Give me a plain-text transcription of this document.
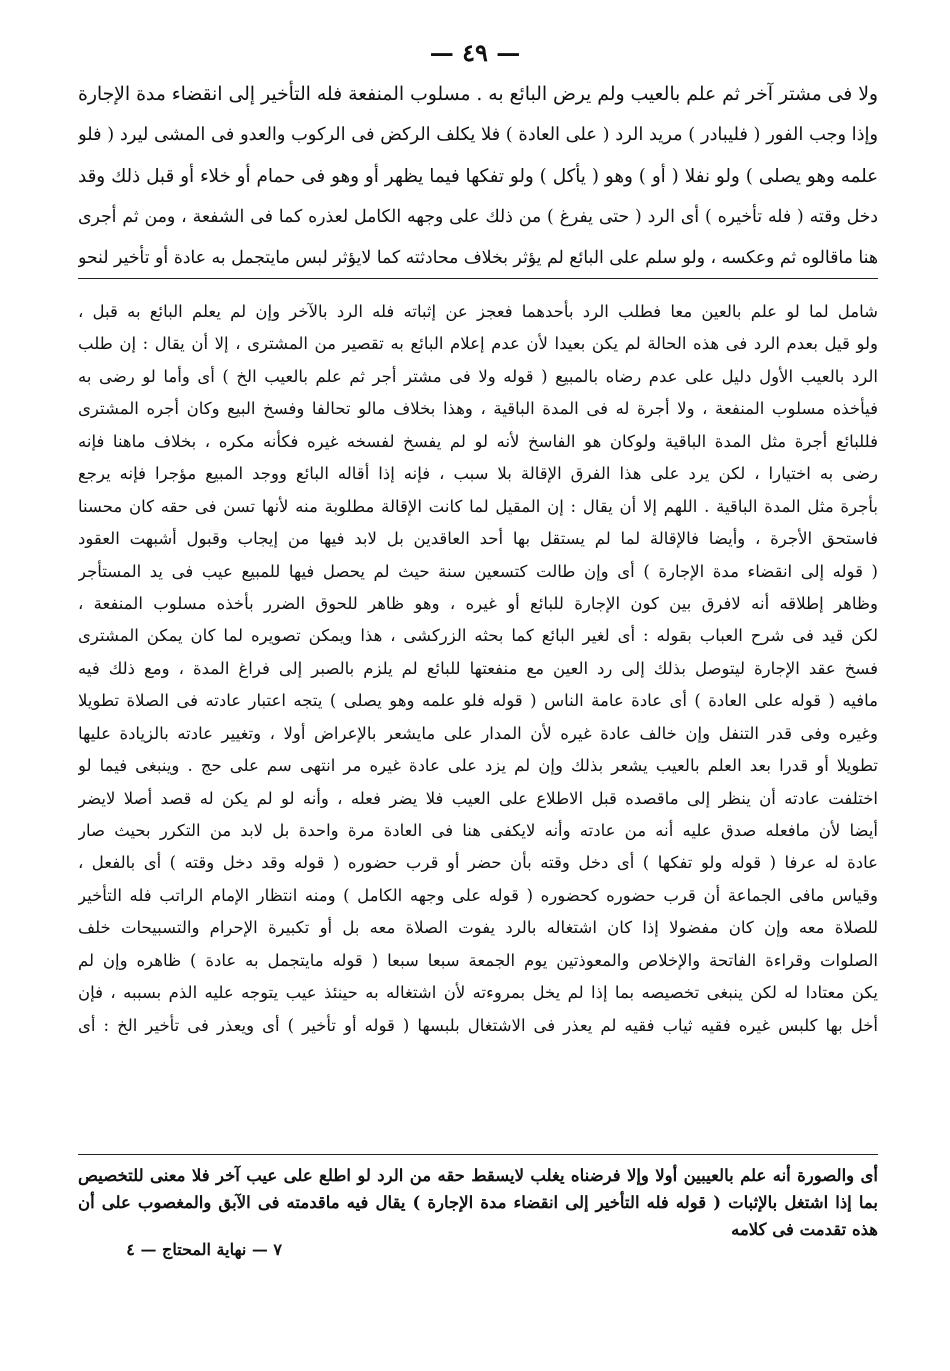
— ٤٩ —
ولا فى مشتر آخر ثم علم بالعيب ولم يرض البائع به . مسلوب المنفعة فله التأخير إلى انقضاء مدة الإجارة
وإذا وجب الفور ( فليبادر ) مريد الرد ( على العادة ) فلا يكلف الركض فى الركوب والعدو فى المشى ليرد ( فلو
علمه وهو يصلى ) ولو نفلا ( أو ) وهو ( يأكل ) ولو تفكها فيما يظهر أو وهو فى حمام أو خلاء أو قبل ذلك وقد
دخل وقته ( فله تأخيره ) أى الرد ( حتى يفرغ ) من ذلك على وجهه الكامل لعذره كما فى الشفعة ، ومن ثم أجرى
هنا ماقالوه ثم وعكسه ، ولو سلم على البائع لم يؤثر بخلاف محادثته كما لايؤثر لبس مايتجمل به عادة أو تأخير لنحو
شامل لما لو علم بالعين معا فطلب الرد بأحدهما فعجز عن إثباته فله الرد بالآخر وإن لم يعلم البائع به قبل ،
ولو قيل بعدم الرد فى هذه الحالة لم يكن بعيدا لأن عدم إعلام البائع به تقصير من المشترى ، إلا أن يقال : إن طلب
الرد بالعيب الأول دليل على عدم رضاه بالمبيع ( قوله ولا فى مشتر أجر ثم علم بالعيب الخ ) أى وأما لو رضى به
فيأخذه مسلوب المنفعة ، ولا أجرة له فى المدة الباقية ، وهذا بخلاف مالو تحالفا وفسخ البيع وكان أجره المشترى
فللبائع أجرة مثل المدة الباقية ولوكان هو الفاسخ لأنه لو لم يفسخ لفسخه غيره فكأنه مكره ، بخلاف ماهنا فإنه
رضى به اختيارا ، لكن يرد على هذا الفرق الإقالة بلا سبب ، فإنه إذا أقاله البائع ووجد المبيع مؤجرا فإنه يرجع
بأجرة مثل المدة الباقية . اللهم إلا أن يقال : إن المقيل لما كانت الإقالة مطلوبة منه لأنها تسن فى حقه كان محسنا
فاستحق الأجرة ، وأيضا فالإقالة لما لم يستقل بها أحد العاقدين بل لابد فيها من إيجاب وقبول أشبهت العقود
( قوله إلى انقضاء مدة الإجارة ) أى وإن طالت كتسعين سنة حيث لم يحصل فيها للمبيع عيب فى يد المستأجر
وظاهر إطلاقه أنه لافرق بين كون الإجارة للبائع أو غيره ، وهو ظاهر للحوق الضرر بأخذه مسلوب المنفعة ،
لكن قيد فى شرح العباب بقوله : أى لغير البائع كما بحثه الزركشى ، هذا ويمكن تصويره لما كان يمكن المشترى
فسخ عقد الإجارة ليتوصل بذلك إلى رد العين مع منفعتها للبائع لم يلزم بالصبر إلى فراغ المدة ، ومع ذلك فيه
مافيه ( قوله على العادة ) أى عادة عامة الناس ( قوله فلو علمه وهو يصلى ) يتجه اعتبار عادته فى الصلاة تطويلا
وغيره وفى قدر التنفل وإن خالف عادة غيره لأن المدار على مايشعر بالإعراض أولا ، وتغيير عادته بالزيادة عليها
تطويلا أو قدرا بعد العلم بالعيب يشعر بذلك وإن لم يزد على عادة غيره مر انتهى سم على حج . وينبغى فيما لو
اختلفت عادته أن ينظر إلى ماقصده قبل الاطلاع على العيب فلا يضر فعله ، وأنه لو لم يكن له قصد أصلا لايضر
أيضا لأن مافعله صدق عليه أنه من عادته وأنه لايكفى هنا فى العادة مرة واحدة بل لابد من التكرر بحيث صار
عادة له عرفا ( قوله ولو تفكها ) أى دخل وقته بأن حضر أو قرب حضوره ( قوله وقد دخل وقته ) أى بالفعل ،
وقياس مافى الجماعة أن قرب حضوره كحضوره ( قوله على وجهه الكامل ) ومنه انتظار الإمام الراتب فله التأخير
للصلاة معه وإن كان مفضولا إذا كان اشتغاله بالرد يفوت الصلاة معه بل أو تكبيرة الإحرام والتسبيحات خلف
الصلوات وقراءة الفاتحة والإخلاص والمعوذتين يوم الجمعة سبعا سبعا ( قوله مايتجمل به عادة ) ظاهره وإن لم
يكن معتادا له لكن ينبغى تخصيصه بما إذا لم يخل بمروءته لأن اشتغاله به حينئذ عيب يتوجه عليه الذم بسببه ، فإن
أخل بها كلبس غيره فقيه ثياب فقيه لم يعذر فى الاشتغال بلبسها ( قوله أو تأخير ) أى ويعذر فى تأخير الخ : أى
أى والصورة أنه علم بالعيبين أولا وإلا فرضناه يغلب لايسقط حقه من الرد لو اطلع على عيب آخر فلا معنى للتخصيص
بما إذا اشتغل بالإثبات ( قوله فله التأخير إلى انقضاء مدة الإجارة ) يقال فيه ماقدمته فى الآبق والمغصوب على أن
هذه تقدمت فى كلامه
٧ — نهاية المحتاج — ٤
